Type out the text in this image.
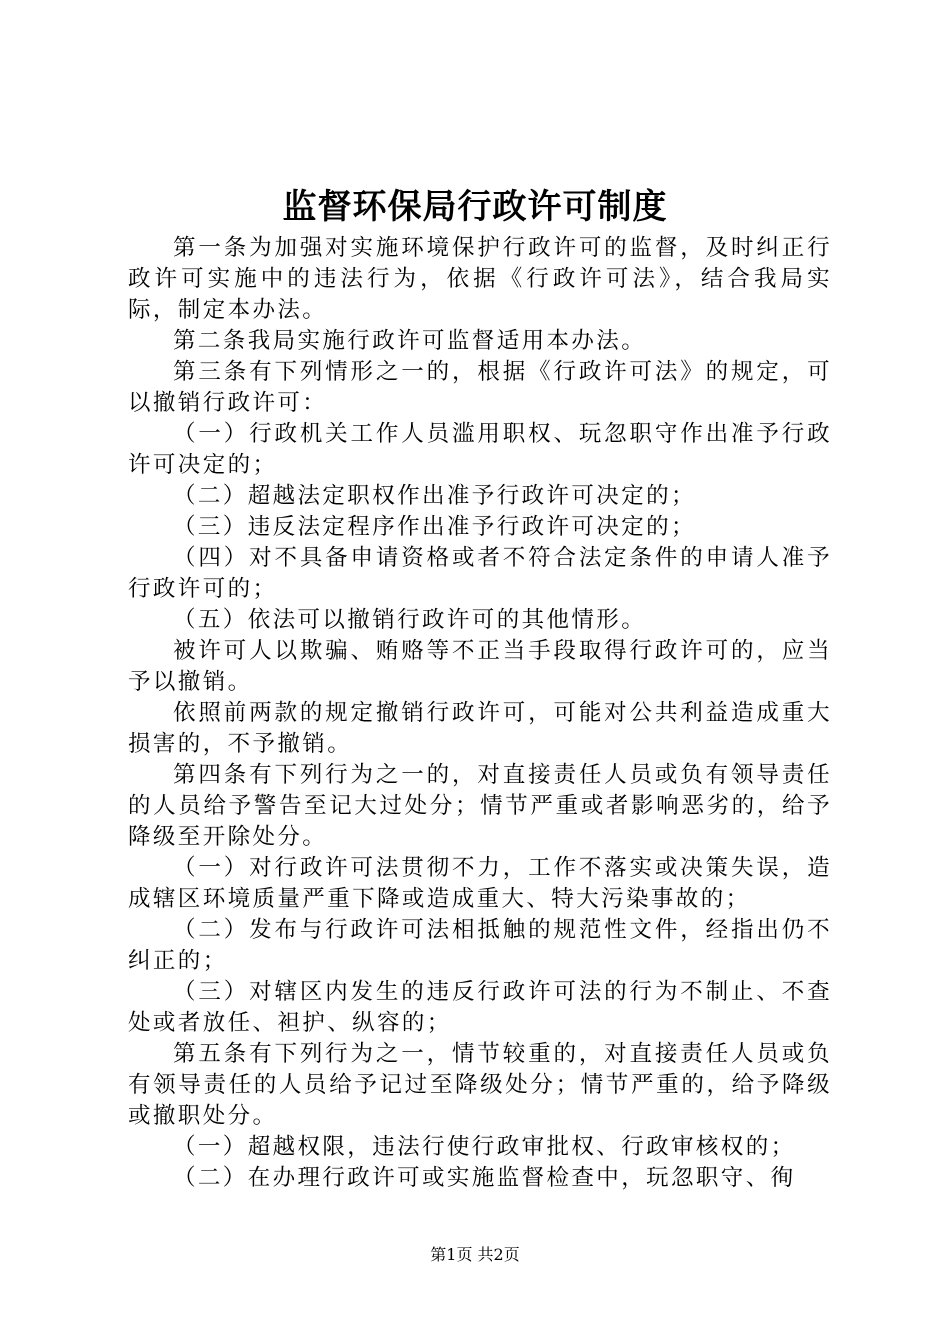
监督环保局行政许可制度

第一条为加强对实施环境保护行政许可的监督，及时纠正行政许可实施中的违法行为，依据《行政许可法》，结合我局实际，制定本办法。

第二条我局实施行政许可监督适用本办法。

第三条有下列情形之一的，根据《行政许可法》的规定，可以撤销行政许可：

（一）行政机关工作人员滥用职权、玩忽职守作出准予行政许可决定的；

（二）超越法定职权作出准予行政许可决定的；

（三）违反法定程序作出准予行政许可决定的；

（四）对不具备申请资格或者不符合法定条件的申请人准予行政许可的；

（五）依法可以撤销行政许可的其他情形。

被许可人以欺骗、贿赂等不正当手段取得行政许可的，应当予以撤销。

依照前两款的规定撤销行政许可，可能对公共利益造成重大损害的，不予撤销。

第四条有下列行为之一的，对直接责任人员或负有领导责任的人员给予警告至记大过处分；情节严重或者影响恶劣的，给予降级至开除处分。

（一）对行政许可法贯彻不力，工作不落实或决策失误，造成辖区环境质量严重下降或造成重大、特大污染事故的；

（二）发布与行政许可法相抵触的规范性文件，经指出仍不纠正的；

（三）对辖区内发生的违反行政许可法的行为不制止、不查处或者放任、袒护、纵容的；

第五条有下列行为之一，情节较重的，对直接责任人员或负有领导责任的人员给予记过至降级处分；情节严重的，给予降级或撤职处分。

（一）超越权限，违法行使行政审批权、行政审核权的；

（二）在办理行政许可或实施监督检查中，玩忽职守、徇

第1页 共2页
